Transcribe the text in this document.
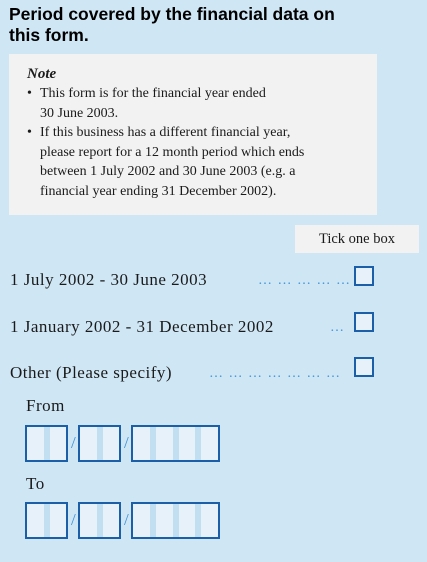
Period covered by the financial data on
this form.
Note
• This form is for the financial year ended
30 June 2003.
• If this business has a different financial year,
please report for a 12 month period which ends
between 1 July 2002 and 30 June 2003 (e.g. a
financial year ending 31 December 2002).
Tick one box
1 July 2002 - 30 June 2003	… … … … …
1 January 2002 - 31 December 2002	…
Other (Please specify)	… … … … … … …
From
/	/
To
/	/
